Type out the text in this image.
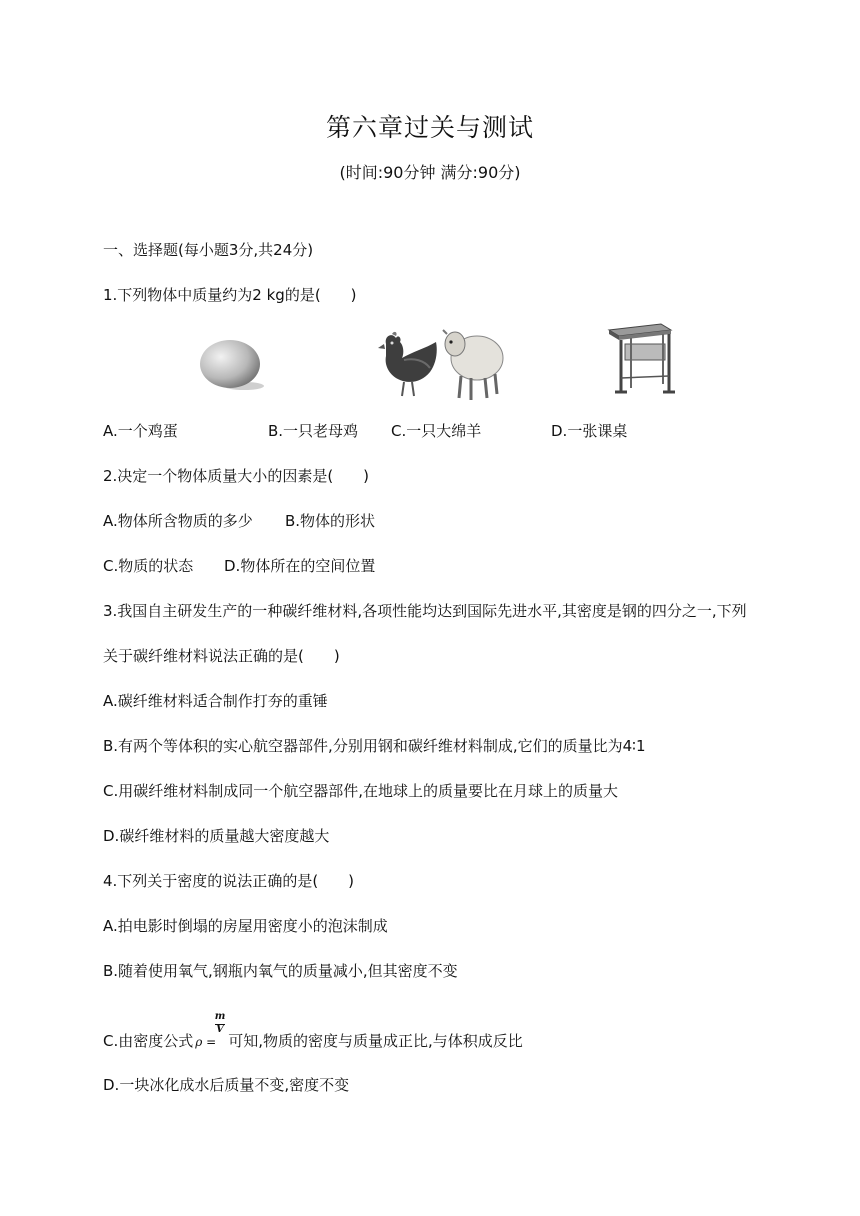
第六章过关与测试
(时间:90分钟 满分:90分)
一、选择题(每小题3分,共24分)
1.下列物体中质量约为2 kg的是(　　)
A.一个鸡蛋	B.一只老母鸡 C.一只大绵羊	D.一张课桌
2.决定一个物体质量大小的因素是(　　)
A.物体所含物质的多少 B.物体的形状
C.物质的状态 D.物体所在的空间位置
3.我国自主研发生产的一种碳纤维材料,各项性能均达到国际先进水平,其密度是钢的四分之一,下列
关于碳纤维材料说法正确的是(　　)
A.碳纤维材料适合制作打夯的重锤
B.有两个等体积的实心航空器部件,分别用钢和碳纤维材料制成,它们的质量比为4∶1
C.用碳纤维材料制成同一个航空器部件,在地球上的质量要比在月球上的质量大
D.碳纤维材料的质量越大密度越大
4.下列关于密度的说法正确的是(　　)
A.拍电影时倒塌的房屋用密度小的泡沫制成
B.随着使用氧气,钢瓶内氧气的质量减小,但其密度不变
C.由密度公式 ρ = 可知,物质的密度与质量成正比,与体积成反比
m
V
D.一块冰化成水后质量不变,密度不变
